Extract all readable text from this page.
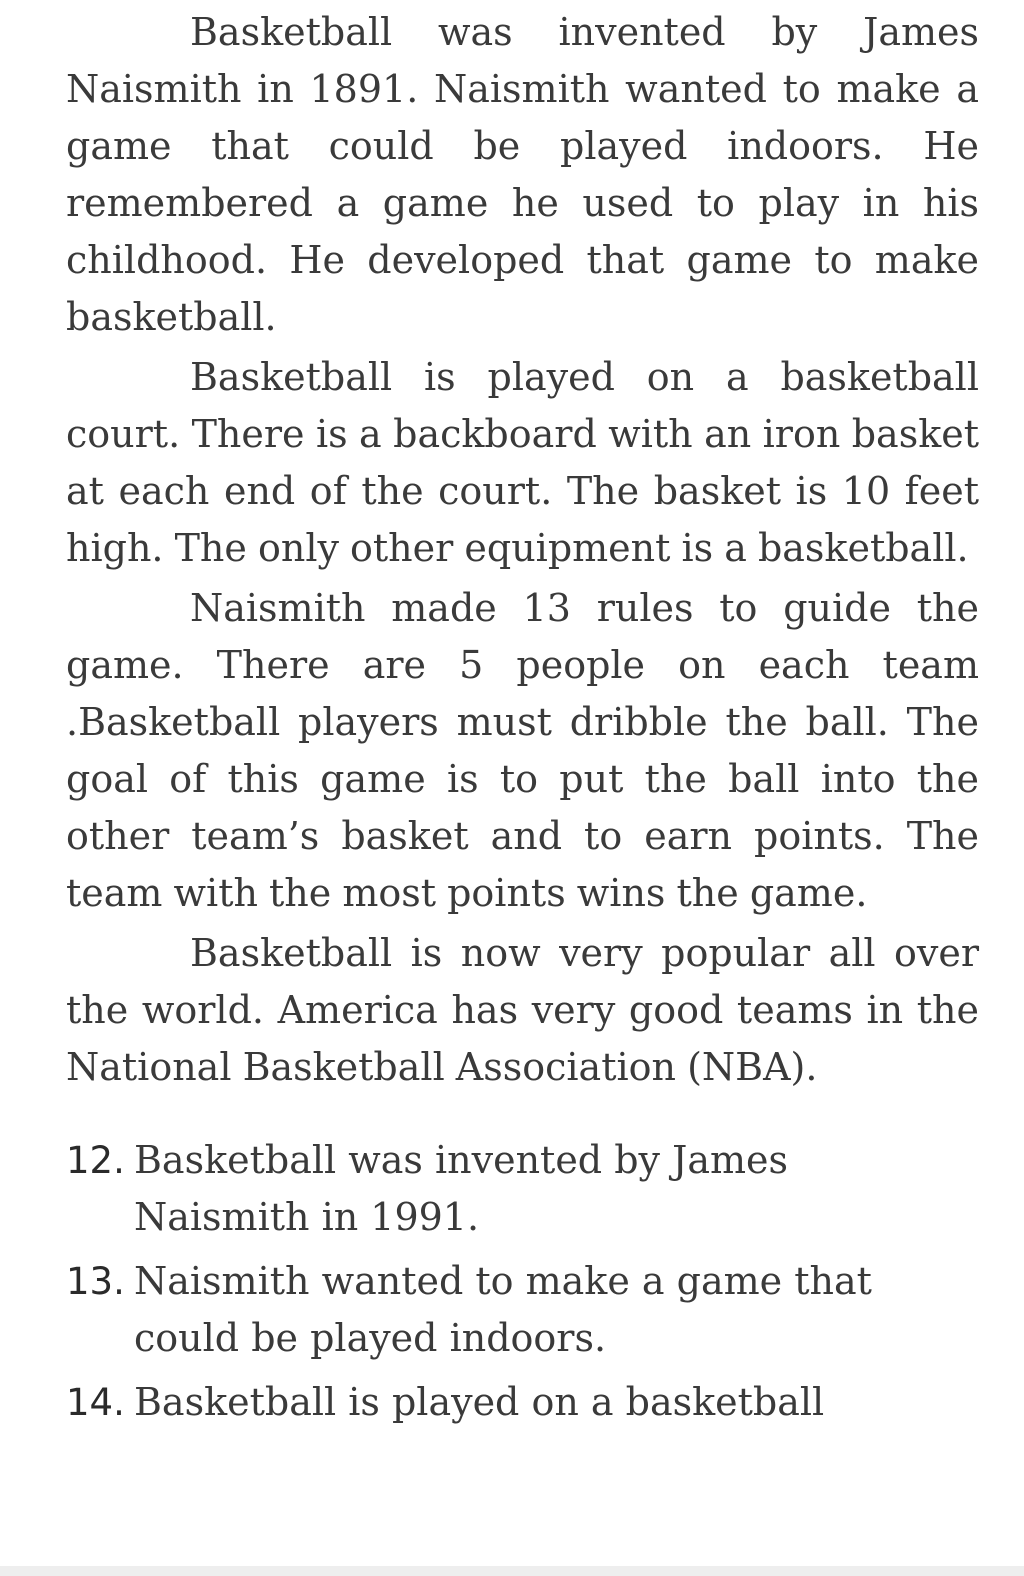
Basketball was invented by James Naismith in 1891. Naismith wanted to make a game that could be played indoors. He remembered a game he used to play in his childhood. He developed that game to make basketball.

Basketball is played on a basketball court. There is a backboard with an iron basket at each end of the court. The basket is 10 feet high. The only other equipment is a basketball.

Naismith made 13 rules to guide the game. There are 5 people on each team .Basketball players must dribble the ball. The goal of this game is to put the ball into the other team’s basket and to earn points. The team with the most points wins the game.

Basketball is now very popular all over the world. America has very good teams in the National Basketball Association (NBA).

12. Basketball was invented by James Naismith in 1991.
13. Naismith wanted to make a game that could be played indoors.
14. Basketball is played on a basketball
